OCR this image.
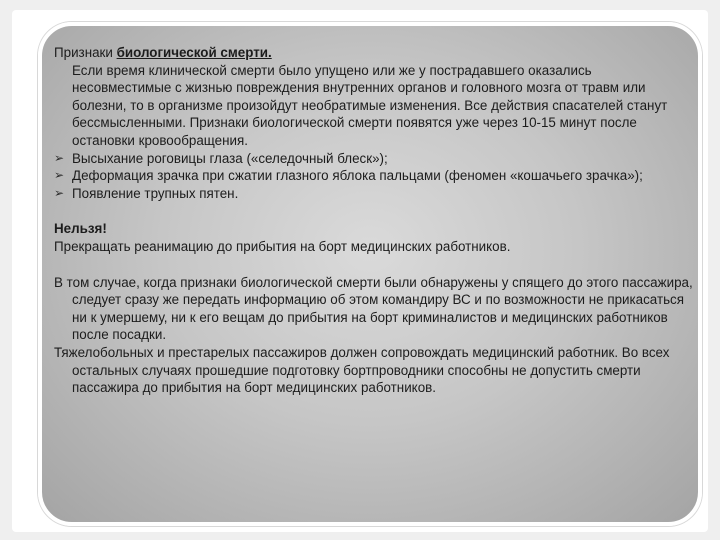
Признаки биологической смерти.

Если время клинической смерти было упущено или же у пострадавшего оказались несовместимые с жизнью повреждения внутренних органов и головного мозга от травм или болезни, то в организме произойдут необратимые изменения. Все действия спасателей станут бессмысленными. Признаки биологической смерти появятся уже через 10-15 минут после остановки кровообращения.

➢ Высыхание роговицы глаза («селедочный блеск»);
➢ Деформация зрачка при сжатии глазного яблока пальцами (феномен «кошачьего зрачка»);
➢ Появление трупных пятен.

Нельзя!

Прекращать реанимацию до прибытия на борт медицинских работников.

В том случае, когда признаки биологической смерти были обнаружены у спящего до этого пассажира, следует сразу же передать информацию об этом командиру ВС и по возможности не прикасаться ни к умершему, ни к его вещам до прибытия на борт криминалистов и медицинских работников после посадки.

Тяжелобольных и престарелых пассажиров должен сопровождать медицинский работник. Во всех остальных случаях прошедшие подготовку бортпроводники способны не допустить смерти пассажира до прибытия на борт медицинских работников.
